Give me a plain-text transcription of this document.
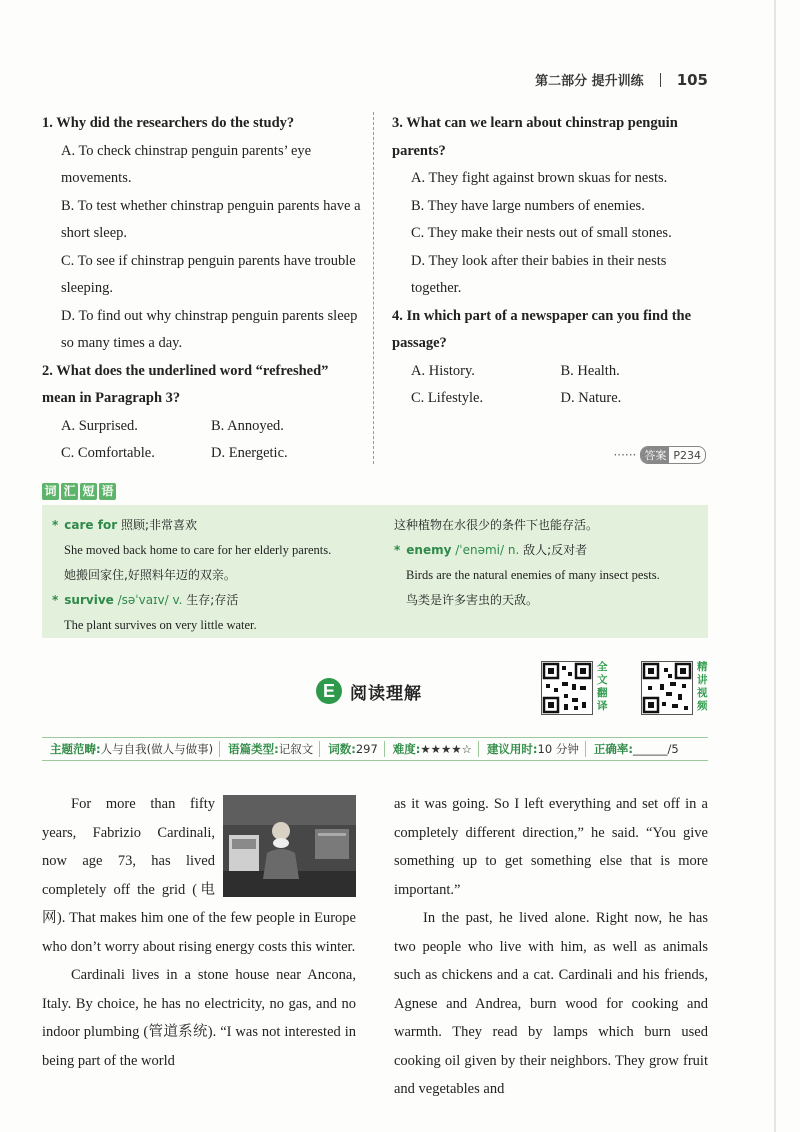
第二部分 提升训练 105
1. Why did the researchers do the study?
A. To check chinstrap penguin parents’ eye movements.
B. To test whether chinstrap penguin parents have a short sleep.
C. To see if chinstrap penguin parents have trouble sleeping.
D. To find out why chinstrap penguin parents sleep so many times a day.
2. What does the underlined word “refreshed” mean in Paragraph 3?
A. Surprised.	B. Annoyed.
C. Comfortable.	D. Energetic.
3. What can we learn about chinstrap penguin parents?
A. They fight against brown skuas for nests.
B. They have large numbers of enemies.
C. They make their nests out of small stones.
D. They look after their babies in their nests together.
4. In which part of a newspaper can you find the passage?
A. History.	B. Health.
C. Lifestyle.	D. Nature.
······ 答案 P234
词 汇 短 语
* care for 照顾;非常喜欢
She moved back home to care for her elderly parents.
她搬回家住,好照料年迈的双亲。
* survive /səˈvaɪv/ v. 生存;存活
The plant survives on very little water.
这种植物在水很少的条件下也能存活。
* enemy /ˈenəmi/ n. 敌人;反对者
Birds are the natural enemies of many insect pests.
鸟类是许多害虫的天敌。
E 阅读理解
全文翻译
精讲视频
主题范畴:人与自我(做人与做事)	语篇类型:记叙文	词数:297	难度:★★★★☆	建议用时:10 分钟	正确率:______/5

For more than fifty years, Fabrizio Cardinali, now age 73, has lived completely off the grid (电网). That makes him one of the few people in Europe who don’t worry about rising energy costs this winter.

Cardinali lives in a stone house near Ancona, Italy. By choice, he has no electricity, no gas, and no indoor plumbing (管道系统). “I was not interested in being part of the world

as it was going. So I left everything and set off in a completely different direction,” he said. “You give something up to get something else that is more important.”

In the past, he lived alone. Right now, he has two people who live with him, as well as animals such as chickens and a cat. Cardinali and his friends, Agnese and Andrea, burn wood for cooking and warmth. They read by lamps which burn used cooking oil given by their neighbors. They grow fruit and vegetables and
